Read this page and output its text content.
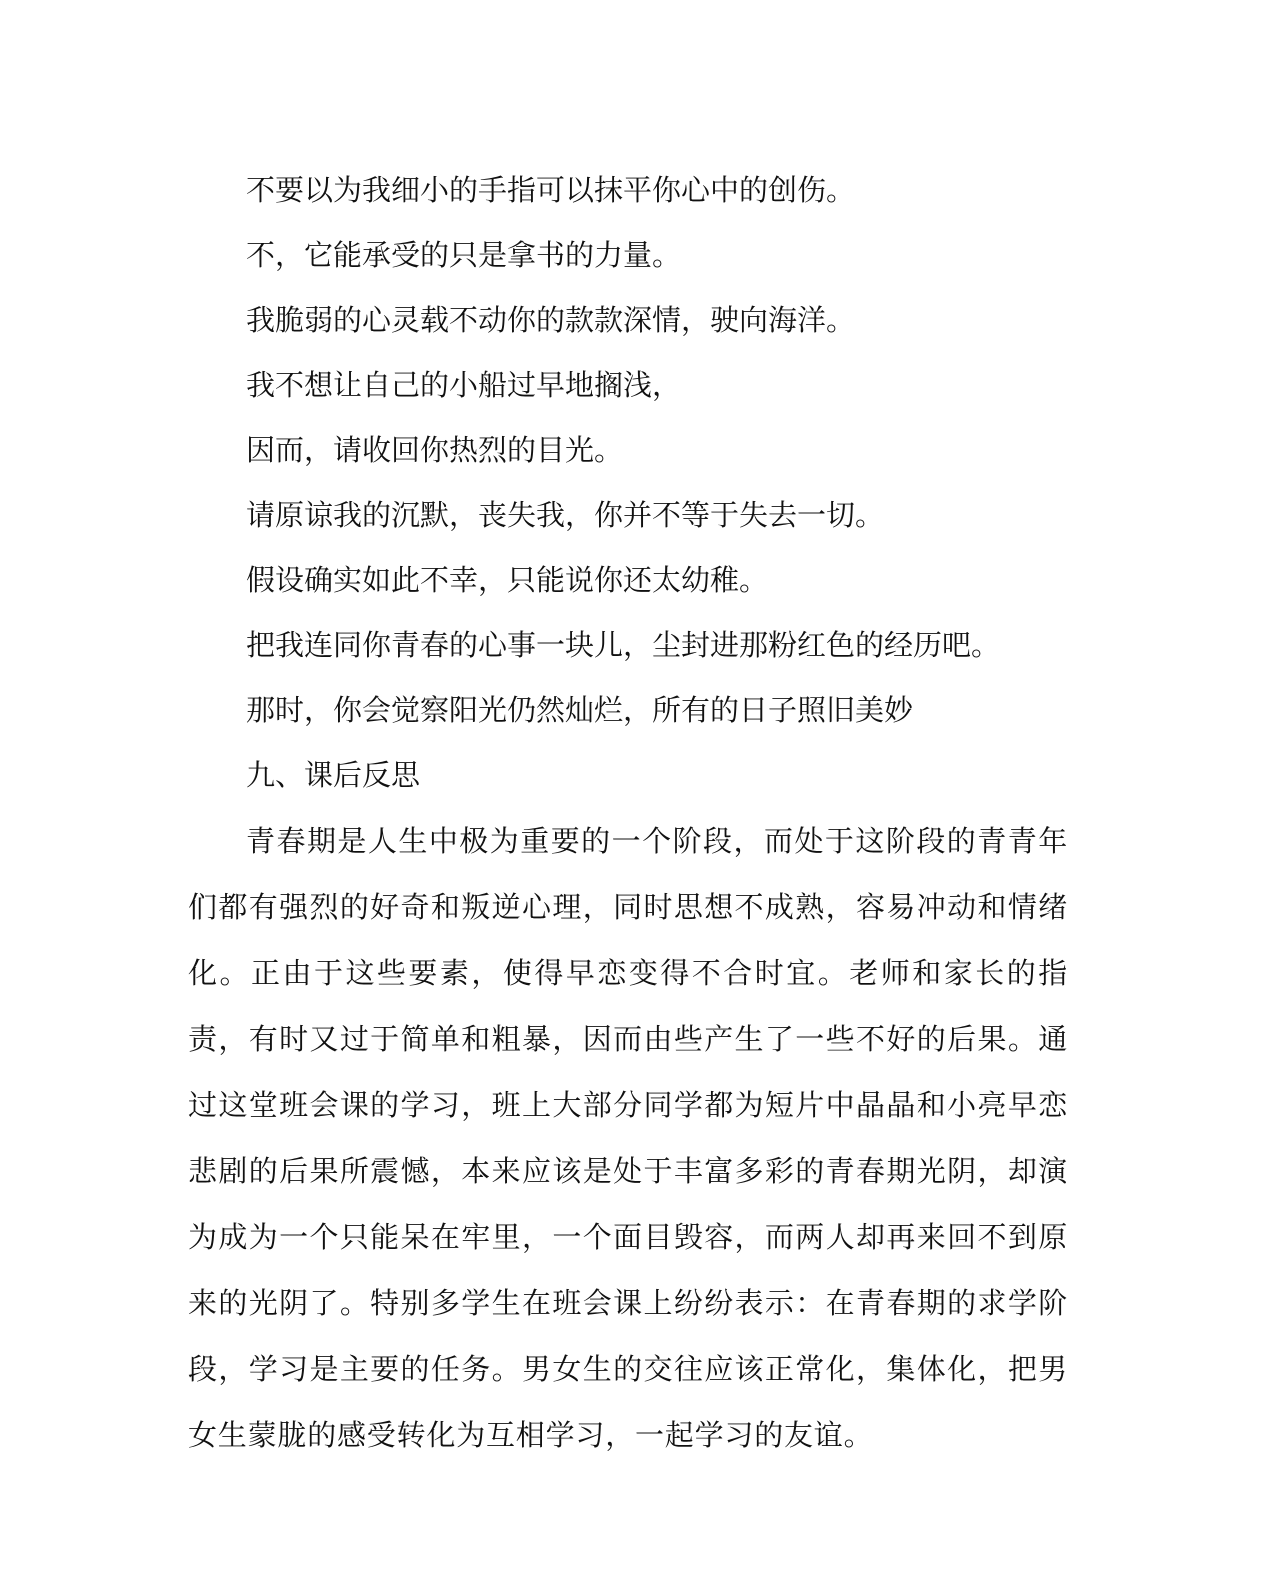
不要以为我细小的手指可以抹平你心中的创伤。

不，它能承受的只是拿书的力量。

我脆弱的心灵载不动你的款款深情，驶向海洋。

我不想让自己的小船过早地搁浅，

因而，请收回你热烈的目光。

请原谅我的沉默，丧失我，你并不等于失去一切。

假设确实如此不幸，只能说你还太幼稚。

把我连同你青春的心事一块儿，尘封进那粉红色的经历吧。

那时，你会觉察阳光仍然灿烂，所有的日子照旧美妙

九、课后反思

青春期是人生中极为重要的一个阶段，而处于这阶段的青青年们都有强烈的好奇和叛逆心理，同时思想不成熟，容易冲动和情绪化。正由于这些要素，使得早恋变得不合时宜。老师和家长的指责，有时又过于简单和粗暴，因而由些产生了一些不好的后果。通过这堂班会课的学习，班上大部分同学都为短片中晶晶和小亮早恋悲剧的后果所震憾，本来应该是处于丰富多彩的青春期光阴，却演为成为一个只能呆在牢里，一个面目毁容，而两人却再来回不到原来的光阴了。特别多学生在班会课上纷纷表示：在青春期的求学阶段，学习是主要的任务。男女生的交往应该正常化，集体化，把男女生蒙胧的感受转化为互相学习，一起学习的友谊。
